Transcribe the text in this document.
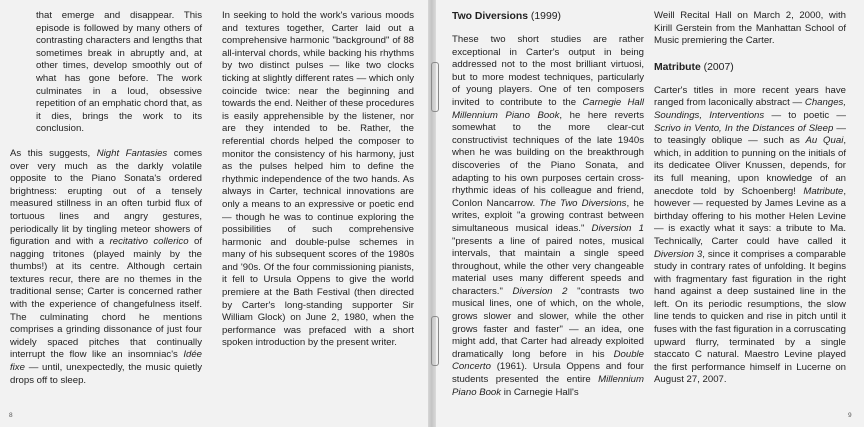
that emerge and disappear. This episode is followed by many others of contrasting characters and lengths that sometimes break in abruptly and, at other times, develop smoothly out of what has gone before. The work culminates in a loud, obsessive repetition of an emphatic chord that, as it dies, brings the work to its conclusion.

As this suggests, Night Fantasies comes over very much as the darkly volatile opposite to the Piano Sonata's ordered brightness: erupting out of a tensely measured stillness in an often turbid flux of tortuous lines and angry gestures, periodically lit by tingling meteor showers of figuration and with a recitativo collerico of nagging tritones (played mainly by the thumbs!) at its centre. Although certain textures recur, there are no themes in the traditional sense; Carter is concerned rather with the experience of changefulness itself. The culminating chord he mentions comprises a grinding dissonance of just four widely spaced pitches that continually interrupt the flow like an insomniac's Idée fixe — until, unexpectedly, the music quietly drops off to sleep.

In seeking to hold the work's various moods and textures together, Carter laid out a comprehensive harmonic "background" of 88 all-interval chords, while backing his rhythms by two distinct pulses — like two clocks ticking at slightly different rates — which only coincide twice: near the beginning and towards the end. Neither of these procedures is easily apprehensible by the listener, nor are they intended to be. Rather, the referential chords helped the composer to monitor the consistency of his harmony, just as the pulses helped him to define the rhythmic independence of the two hands. As always in Carter, technical innovations are only a means to an expressive or poetic end — though he was to continue exploring the possibilities of such comprehensive harmonic and double-pulse schemes in many of his subsequent scores of the 1980s and '90s. Of the four commissioning pianists, it fell to Ursula Oppens to give the world premiere at the Bath Festival (then directed by Carter's long-standing supporter Sir William Glock) on June 2, 1980, when the performance was prefaced with a short spoken introduction by the present writer.

Two Diversions (1999)

These two short studies are rather exceptional in Carter's output in being addressed not to the most brilliant virtuosi, but to more modest techniques, particularly of young players. One of ten composers invited to contribute to the Carnegie Hall Millennium Piano Book, he here reverts somewhat to the more clear-cut constructivist techniques of the late 1940s when he was building on the breakthrough discoveries of the Piano Sonata, and adapting to his own purposes certain cross-rhythmic ideas of his colleague and friend, Conlon Nancarrow. The Two Diversions, he writes, exploit "a growing contrast between simultaneous musical ideas." Diversion 1 "presents a line of paired notes, musical intervals, that maintain a single speed throughout, while the other very changeable material uses many different speeds and characters." Diversion 2 "contrasts two musical lines, one of which, on the whole, grows slower and slower, while the other grows faster and faster" — an idea, one might add, that Carter had already exploited dramatically long before in his Double Concerto (1961). Ursula Oppens and four students presented the entire Millennium Piano Book in Carnegie Hall's

Weill Recital Hall on March 2, 2000, with Kirill Gerstein from the Manhattan School of Music premiering the Carter.

Matribute (2007)

Carter's titles in more recent years have ranged from laconically abstract — Changes, Soundings, Interventions — to poetic — Scrivo in Vento, In the Distances of Sleep — to teasingly oblique — such as Au Quai, which, in addition to punning on the initials of its dedicatee Oliver Knussen, depends, for its full meaning, upon knowledge of an anecdote told by Schoenberg! Matribute, however — requested by James Levine as a birthday offering to his mother Helen Levine — is exactly what it says: a tribute to Ma. Technically, Carter could have called it Diversion 3, since it comprises a comparable study in contrary rates of unfolding. It begins with fragmentary fast figuration in the right hand against a deep sustained line in the left. On its periodic resumptions, the slow line tends to quicken and rise in pitch until it fuses with the fast figuration in a corruscating upward flurry, terminated by a single staccato C natural. Maestro Levine played the first performance himself in Lucerne on August 27, 2007.

8	9
